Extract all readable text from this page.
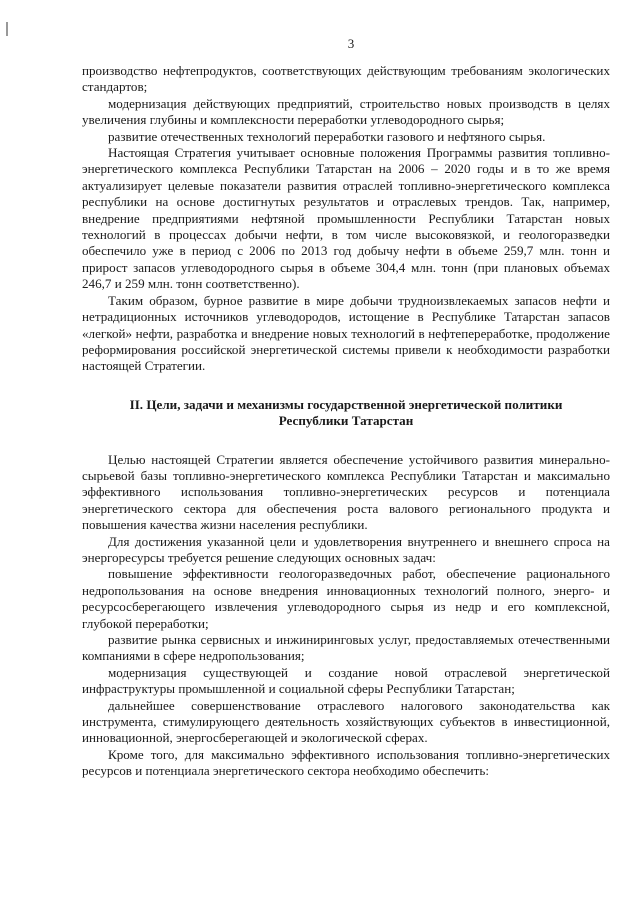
3

производство нефтепродуктов, соответствующих действующим требованиям экологических стандартов;

модернизация действующих предприятий, строительство новых производств в целях увеличения глубины и комплексности переработки углеводородного сырья;

развитие отечественных технологий переработки газового и нефтяного сырья.

Настоящая Стратегия учитывает основные положения Программы развития топливно-энергетического комплекса Республики Татарстан на 2006 – 2020 годы и в то же время актуализирует целевые показатели развития отраслей топливно-энергетического комплекса республики на основе достигнутых результатов и отраслевых трендов. Так, например, внедрение предприятиями нефтяной промышленности Республики Татарстан новых технологий в процессах добычи нефти, в том числе высоковязкой, и геологоразведки обеспечило уже в период с 2006 по 2013 год добычу нефти в объеме 259,7 млн. тонн и прирост запасов углеводородного сырья в объеме 304,4 млн. тонн (при плановых объемах 246,7 и 259 млн. тонн соответственно).

Таким образом, бурное развитие в мире добычи трудноизвлекаемых запасов нефти и нетрадиционных источников углеводородов, истощение в Республике Татарстан запасов «легкой» нефти, разработка и внедрение новых технологий в нефтепереработке, продолжение реформирования российской энергетической системы привели к необходимости разработки настоящей Стратегии.

II. Цели, задачи и механизмы государственной энергетической политики
Республики Татарстан

Целью настоящей Стратегии является обеспечение устойчивого развития минерально-сырьевой базы топливно-энергетического комплекса Республики Татарстан и максимально эффективного использования топливно-энергетических ресурсов и потенциала энергетического сектора для обеспечения роста валового регионального продукта и повышения качества жизни населения республики.

Для достижения указанной цели и удовлетворения внутреннего и внешнего спроса на энергоресурсы требуется решение следующих основных задач:

повышение эффективности геологоразведочных работ, обеспечение рационального недропользования на основе внедрения инновационных технологий полного, энерго- и ресурсосберегающего извлечения углеводородного сырья из недр и его комплексной, глубокой переработки;

развитие рынка сервисных и инжиниринговых услуг, предоставляемых отечественными компаниями в сфере недропользования;

модернизация существующей и создание новой отраслевой энергетической инфраструктуры промышленной и социальной сферы Республики Татарстан;

дальнейшее совершенствование отраслевого налогового законодательства как инструмента, стимулирующего деятельность хозяйствующих субъектов в инвестиционной, инновационной, энергосберегающей и экологической сферах.

Кроме того, для максимально эффективного использования топливно-энергетических ресурсов и потенциала энергетического сектора необходимо обеспечить:
